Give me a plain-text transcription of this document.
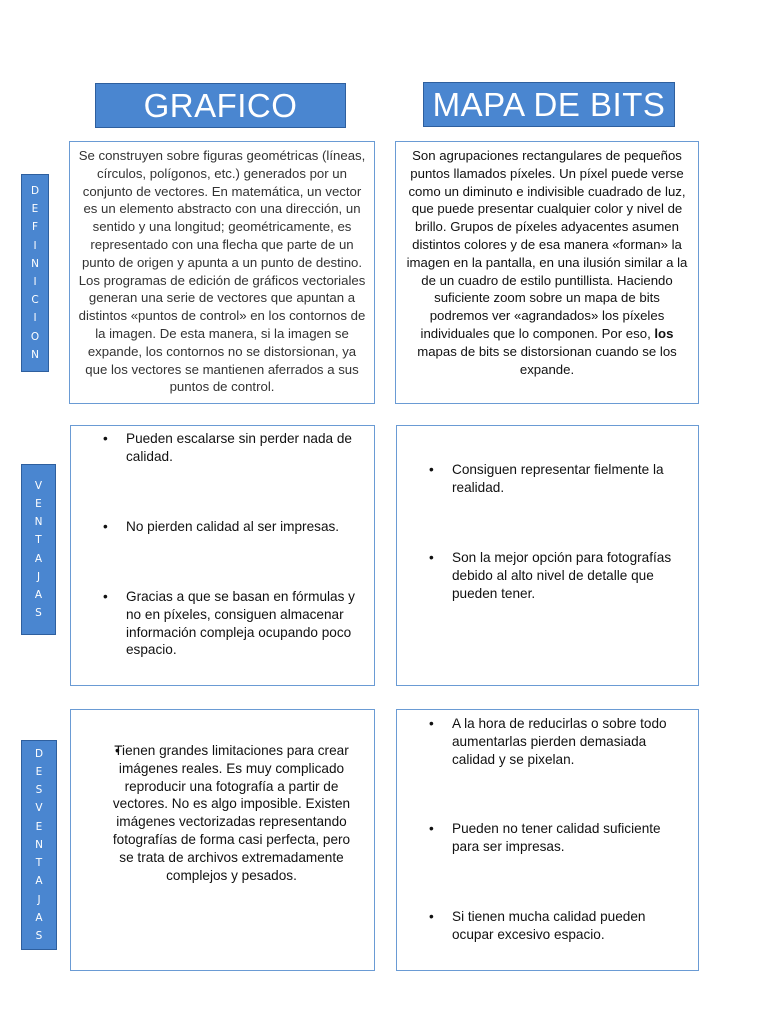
GRAFICO	MAPA DE BITS
D
E
F
I
N
I
C
I
O
N
V
E
N
T
A
J
A
S
D
E
S
V
E
N
T
A
J
A
S
Se construyen sobre figuras geométricas (líneas, círculos, polígonos, etc.) generados por un conjunto de vectores. En matemática, un vector es un elemento abstracto con una dirección, un sentido y una longitud; geométricamente, es representado con una flecha que parte de un punto de origen y apunta a un punto de destino. Los programas de edición de gráficos vectoriales generan una serie de vectores que apuntan a distintos «puntos de control» en los contornos de la imagen. De esta manera, si la imagen se expande, los contornos no se distorsionan, ya que los vectores se mantienen aferrados a sus puntos de control.
Son agrupaciones rectangulares de pequeños puntos llamados píxeles. Un píxel puede verse como un diminuto e indivisible cuadrado de luz, que puede presentar cualquier color y nivel de brillo. Grupos de píxeles adyacentes asumen distintos colores y de esa manera «forman» la imagen en la pantalla, en una ilusión similar a la de un cuadro de estilo puntillista. Haciendo suficiente zoom sobre un mapa de bits podremos ver «agrandados» los píxeles individuales que lo componen. Por eso, los mapas de bits se distorsionan cuando se los expande.
• Pueden escalarse sin perder nada de calidad.
• No pierden calidad al ser impresas.
• Gracias a que se basan en fórmulas y no en píxeles, consiguen almacenar información compleja ocupando poco espacio.
• Consiguen representar fielmente la realidad.
• Son la mejor opción para fotografías debido al alto nivel de detalle que pueden tener.
• Tienen grandes limitaciones para crear imágenes reales. Es muy complicado reproducir una fotografía a partir de vectores. No es algo imposible. Existen imágenes vectorizadas representando fotografías de forma casi perfecta, pero se trata de archivos extremadamente complejos y pesados.
• A la hora de reducirlas o sobre todo aumentarlas pierden demasiada calidad y se pixelan.
• Pueden no tener calidad suficiente para ser impresas.
• Si tienen mucha calidad pueden ocupar excesivo espacio.
